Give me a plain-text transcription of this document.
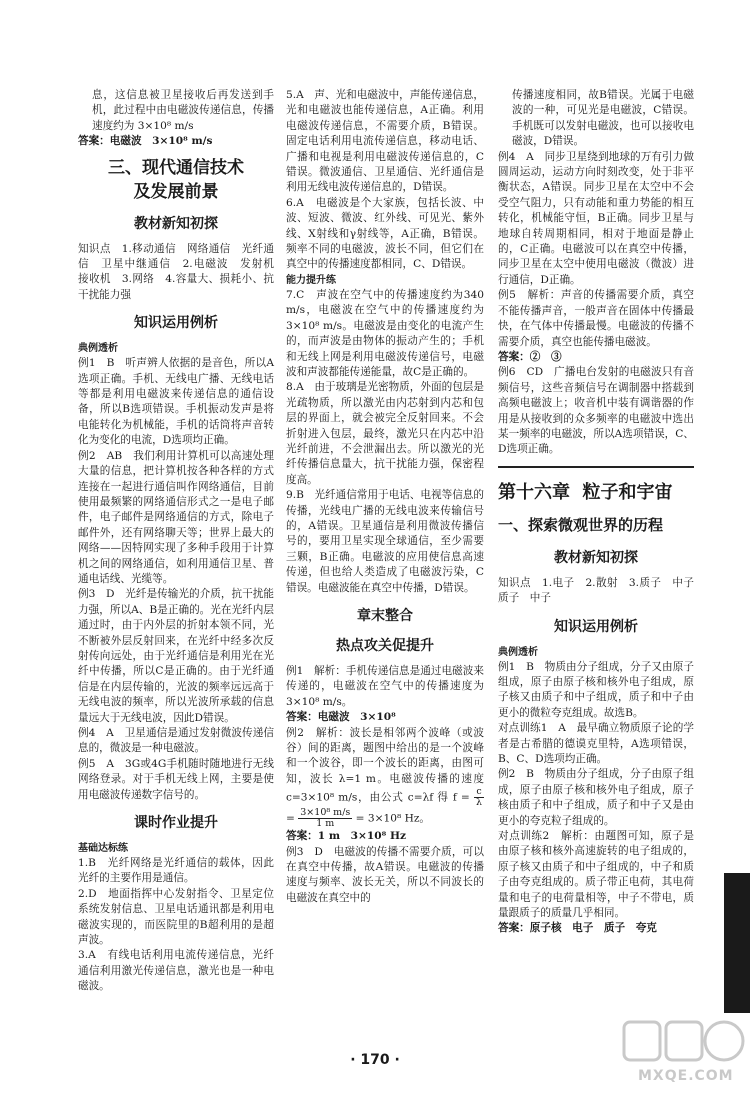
息，这信息被卫星接收后再发送到手机，此过程中由电磁波传递信息，传播速度约为 3×10⁸ m/s

答案：电磁波　3×10⁸ m/s

三、现代通信技术
及发展前景
教材新知初探

知识点　1.移动通信　网络通信　光纤通信　卫星中继通信　2.电磁波　发射机　接收机　3.网络　4.容量大、损耗小、抗干扰能力强

知识运用例析
典例透析

例1　B　听声辨人依据的是音色，所以A选项正确。手机、无线电广播、无线电话等都是利用电磁波来传递信息的通信设备，所以B选项错误。手机振动发声是将电能转化为机械能，手机的话筒将声音转化为变化的电流，D选项均正确。

例2　AB　我们利用计算机可以高速处理大量的信息，把计算机按各种各样的方式连接在一起进行通信叫作网络通信，目前使用最频繁的网络通信形式之一是电子邮件，电子邮件是网络通信的方式，除电子邮件外，还有网络聊天等；世界上最大的网络——因特网实现了多种手段用于计算机之间的网络通信，如利用通信卫星、普通电话线、光缆等。

例3　D　光纤是传输光的介质，抗干扰能力强，所以A、B是正确的。光在光纤内层通过时，由于内外层的折射本领不同，光不断被外层反射回来，在光纤中经多次反射传向远处，由于光纤通信是利用光在光纤中传播，所以C是正确的。由于光纤通信是在内层传输的，光波的频率远远高于无线电波的频率，所以光波所承载的信息量远大于无线电波，因此D错误。

例4　A　卫星通信是通过发射微波传递信息的，微波是一种电磁波。

例5　A　3G或4G手机随时随地进行无线网络登录。对于手机无线上网，主要是使用电磁波传递数字信号的。

课时作业提升
基础达标练

1.B　光纤网络是光纤通信的载体，因此光纤的主要作用是通信。

2.D　地面指挥中心发射指令、卫星定位系统发射信息、卫星电话通讯都是利用电磁波实现的，而医院里的B超利用的是超声波。

3.A　有线电话利用电流传递信息，光纤通信利用激光传递信息，激光也是一种电磁波。

5.A　声、光和电磁波中，声能传递信息，光和电磁波也能传递信息，A正确。利用电磁波传递信息，不需要介质，B错误。固定电话利用电流传递信息，移动电话、广播和电视是利用电磁波传递信息的，C错误。微波通信、卫星通信、光纤通信是利用无线电波传递信息的，D错误。

6.A　电磁波是个大家族，包括长波、中波、短波、微波、红外线、可见光、紫外线、X射线和γ射线等，A正确，B错误。频率不同的电磁波，波长不同，但它们在真空中的传播速度都相同，C、D错误。

能力提升练

7.C　声波在空气中的传播速度约为340 m/s，电磁波在空气中的传播速度约为3×10⁸ m/s。电磁波是由变化的电流产生的，而声波是由物体的振动产生的；手机和无线上网是利用电磁波传递信号，电磁波和声波都能传递能量，故C是正确的。

8.A　由于玻璃是光密物质，外面的包层是光疏物质，所以激光由内芯射到内芯和包层的界面上，就会被完全反射回来。不会折射进入包层，最终，激光只在内芯中沿光纤前进，不会泄漏出去。所以激光的光纤传播信息量大，抗干扰能力强，保密程度高。

9.B　光纤通信常用于电话、电视等信息的传播，光线电广播的无线电波来传输信号的，A错误。卫星通信是利用微波传播信号的，要用卫星实现全球通信，至少需要三颗，B正确。电磁波的应用使信息高速传递，但也给人类造成了电磁波污染，C错误。电磁波能在真空中传播，D错误。

章末整合
热点攻关促提升

例1　解析：手机传递信息是通过电磁波来传递的，电磁波在空气中的传播速度为 3×10⁸ m/s。

答案：电磁波　3×10⁸

例2　解析：波长是相邻两个波峰（或波谷）间的距离，题图中给出的是一个波峰和一个波谷，即一个波长的距离，由图可知，波长 λ=1 m。电磁波传播的速度 c=3×10⁸ m/s，由公式 c=λf 得 $f = \frac{c}{\lambda}$
= $\frac{\text{3×10⁸ m/s}}{1 m} = 3\times 10^8$ Hz。

答案：1 m　3×10⁸ Hz

例3　D　电磁波的传播不需要介质，可以在真空中传播，故A错误。电磁波的传播速度与频率、波长无关，所以不同波长的电磁波在真空中的

传播速度相同，故B错误。光属于电磁波的一种，可见光是电磁波，C错误。手机既可以发射电磁波，也可以接收电磁波，D错误。

例4　A　同步卫星绕到地球的万有引力做圆周运动，运动方向时刻改变，处于非平衡状态，A错误。同步卫星在太空中不会受空气阻力，只有动能和重力势能的相互转化，机械能守恒，B正确。同步卫星与地球自转周期相同，相对于地面是静止的，C正确。电磁波可以在真空中传播，同步卫星在太空中使用电磁波（微波）进行通信，D正确。

例5　解析：声音的传播需要介质，真空不能传播声音，一般声音在固体中传播最快，在气体中传播最慢。电磁波的传播不需要介质，真空也能传播电磁波。

答案：②　③

例6　CD　广播电台发射的电磁波只有音频信号，这些音频信号在调制器中搭载到高频电磁波上；收音机中装有调谐器的作用是从接收到的众多频率的电磁波中选出某一频率的电磁波，所以A选项错误，C、D选项正确。

第十六章 粒子和宇宙
一、探索微观世界的历程
教材新知初探

知识点　1.电子　2.散射　3.质子　中子　质子　中子

知识运用例析
典例透析

例1　B　物质由分子组成，分子又由原子组成，原子由原子核和核外电子组成，原子核又由质子和中子组成，质子和中子由更小的微粒夸克组成。故选B。

对点训练1　A　最早确立物质原子论的学者是古希腊的德谟克里特，A选项错误，B、C、D选项均正确。

例2　B　物质由分子组成，分子由原子组成，原子由原子核和核外电子组成，原子核由质子和中子组成，质子和中子又是由更小的夸克粒子组成的。

对点训练2　解析：由题图可知，原子是由原子核和核外高速旋转的电子组成的，原子核又由质子和中子组成的，中子和质子由夸克组成的。质子带正电荷，其电荷量和电子的电荷量相等，中子不带电，质量跟质子的质量几乎相同。

答案：原子核　电子　质子　夸克

· 170 ·
MXQE.COM
